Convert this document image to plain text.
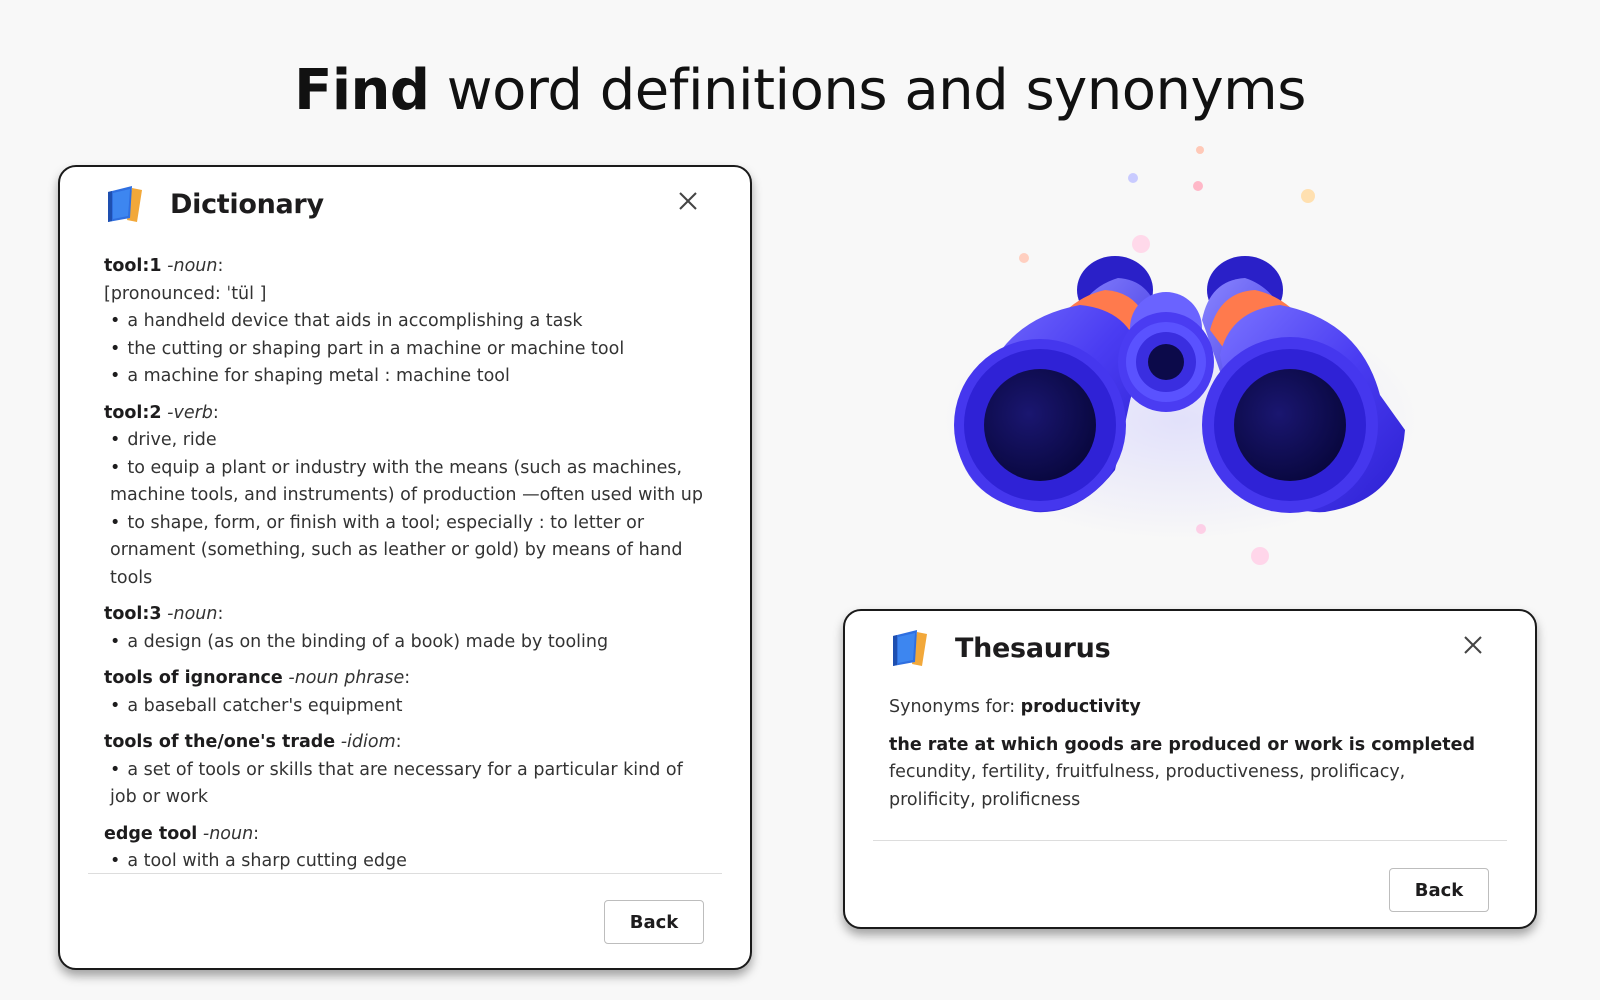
Find word definitions and synonyms
Dictionary
tool:1 -noun:
[pronounced: ˈtül ]
• a handheld device that aids in accomplishing a task
• the cutting or shaping part in a machine or machine tool
• a machine for shaping metal : machine tool
tool:2 -verb:
• drive, ride
• to equip a plant or industry with the means (such as machines, machine tools, and instruments) of production —often used with up
• to shape, form, or finish with a tool; especially : to letter or ornament (something, such as leather or gold) by means of hand tools
tool:3 -noun:
• a design (as on the binding of a book) made by tooling
tools of ignorance -noun phrase:
• a baseball catcher's equipment
tools of the/one's trade -idiom:
• a set of tools or skills that are necessary for a particular kind of job or work
edge tool -noun:
• a tool with a sharp cutting edge
Back
Thesaurus
Synonyms for: productivity
the rate at which goods are produced or work is completed
fecundity, fertility, fruitfulness, productiveness, prolificacy, prolificity, prolificness
Back
